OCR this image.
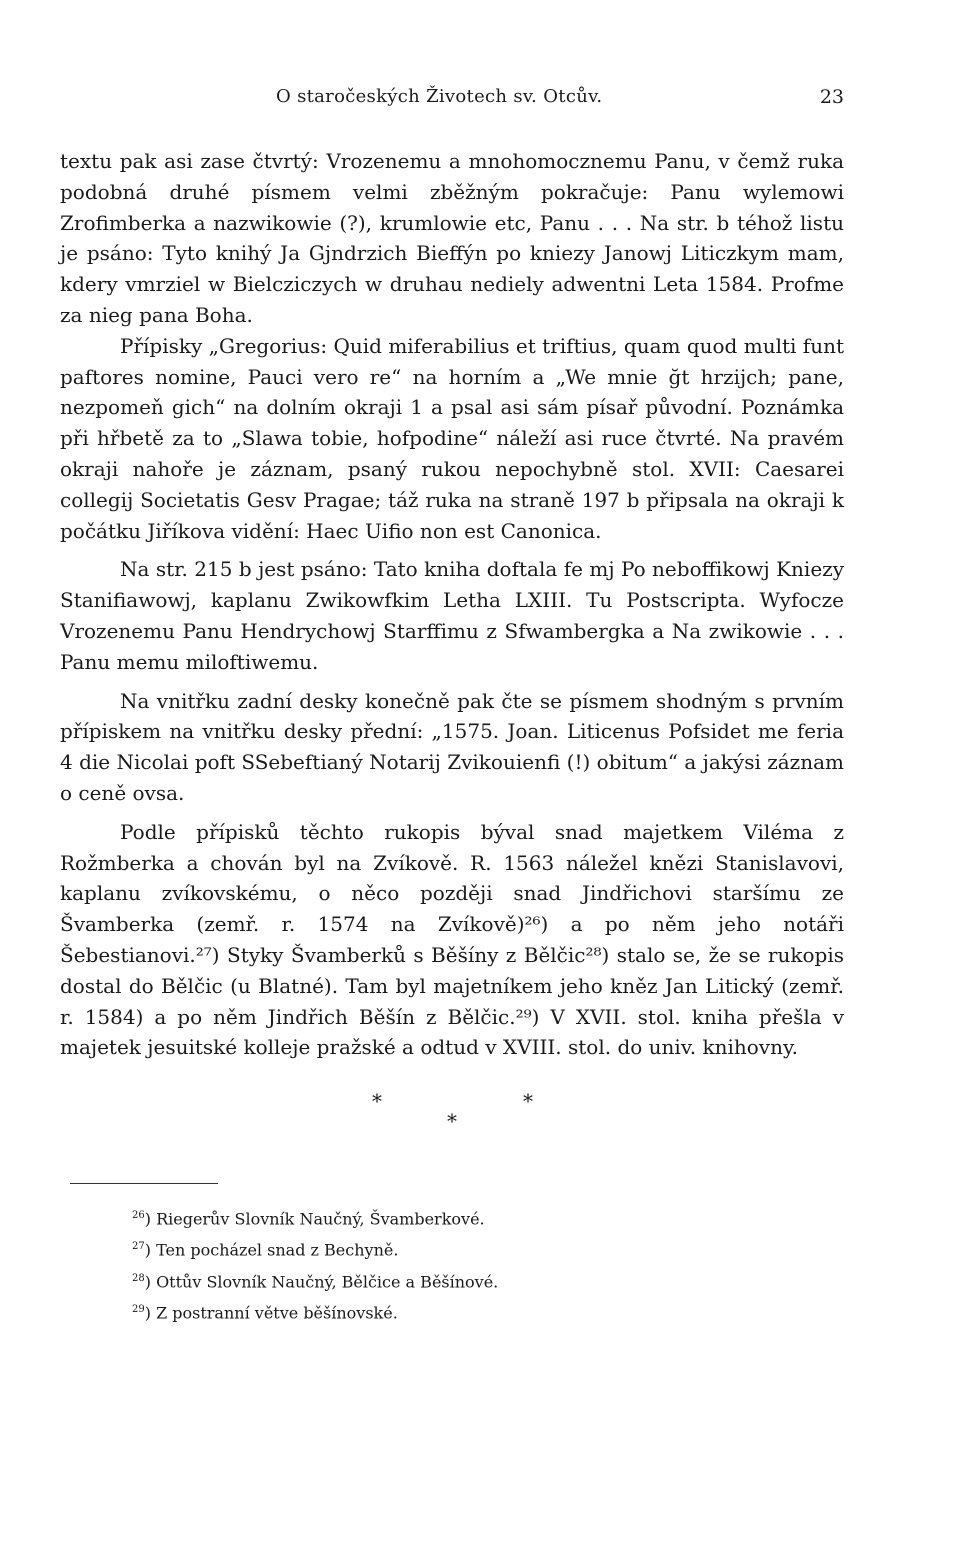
O staročeských Životech sv. Otcův.	23

textu pak asi zase čtvrtý: Vrozenemu a mnohomocznemu Panu, v čemž ruka podobná druhé písmem velmi zběžným pokračuje: Panu wylemowi Zrofimberka a nazwikowie (?), krumlowie etc, Panu . . . Na str. b téhož listu je psáno: Tyto knihý Ja Gjndrzich Bieffýn po kniezy Janowj Liticzkym mam, kdery vmrziel w Bielcziczych w druhau nediely adwentni Leta 1584. Profme za nieg pana Boha.

Přípisky „Gregorius: Quid miferabilius et triftius, quam quod multi funt paftores nomine, Pauci vero re“ na horním a „We mnie ğt hrzijch; pane, nezpomeň gich“ na dolním okraji 1 a psal asi sám písař původní. Poznámka při hřbetě za to „Slawa tobie, hofpodine“ náleží asi ruce čtvrté. Na pravém okraji nahoře je záznam, psaný rukou nepochybně stol. XVII: Caesarei collegij Societatis Gesv Pragae; táž ruka na straně 197 b připsala na okraji k počátku Jiříkova vidění: Haec Uifio non est Canonica.

Na str. 215 b jest psáno: Tato kniha doftala fe mj Po neboffikowj Kniezy Stanifiawowj, kaplanu Zwikowfkim Letha LXIII. Tu Postscripta. Wyfocze Vrozenemu Panu Hendrychowj Starffimu z Sfwambergka a Na zwikowie . . . Panu memu miloftiwemu.

Na vnitřku zadní desky konečně pak čte se písmem shodným s prvním přípiskem na vnitřku desky přední: „1575. Joan. Liticenus Pofsidet me feria 4 die Nicolai poft SSebeftianý Notarij Zvikouienfi (!) obitum“ a jakýsi záznam o ceně ovsa.

Podle přípisků těchto rukopis býval snad majetkem Viléma z Rožmberka a chován byl na Zvíkově. R. 1563 náležel knězi Stanislavovi, kaplanu zvíkovskému, o něco později snad Jindřichovi staršímu ze Švamberka (zemř. r. 1574 na Zvíkově)²⁶) a po něm jeho notáři Šebestianovi.²⁷) Styky Švamberků s Běšíny z Bělčic²⁸) stalo se, že se rukopis dostal do Bělčic (u Blatné). Tam byl majetníkem jeho kněz Jan Litický (zemř. r. 1584) a po něm Jindřich Běšín z Bělčic.²⁹) V XVII. stol. kniha přešla v majetek jesuitské kolleje pražské a odtud v XVIII. stol. do univ. knihovny.

*	*
*
$^{26}$) Riegerův Slovník Naučný, Švamberkové.
$^{27}$) Ten pocházel snad z Bechyně.
$^{28}$) Ottův Slovník Naučný, Bělčice a Běšínové.
$^{29}$) Z postranní větve běšínovské.
